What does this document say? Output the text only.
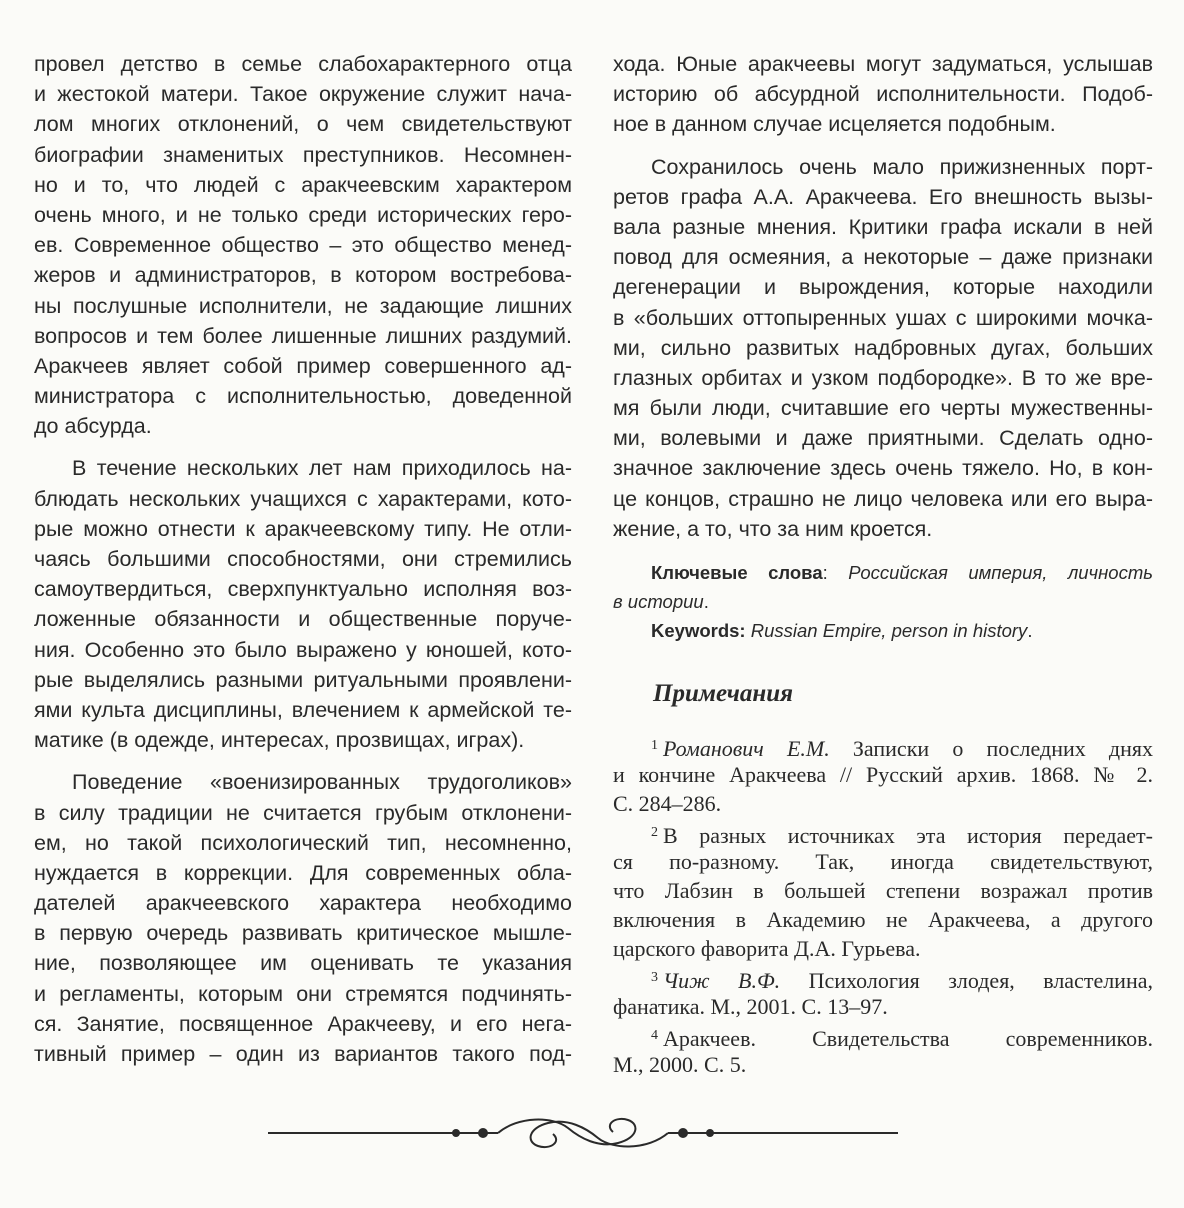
провел детство в семье слабохарактерного отца
и жестокой матери. Такое окружение служит нача-
лом многих отклонений, о чем свидетельствуют
биографии знаменитых преступников. Несомнен-
но и то, что людей с аракчеевским характером
очень много, и не только среди исторических геро-
ев. Современное общество – это общество менед-
жеров и администраторов, в котором востребова-
ны послушные исполнители, не задающие лишних
вопросов и тем более лишенные лишних раздумий.
Аракчеев являет собой пример совершенного ад-
министратора с исполнительностью, доведенной
до абсурда.
В течение нескольких лет нам приходилось на-
блюдать нескольких учащихся с характерами, кото-
рые можно отнести к аракчеевскому типу. Не отли-
чаясь большими способностями, они стремились
самоутвердиться, сверхпунктуально исполняя воз-
ложенные обязанности и общественные поруче-
ния. Особенно это было выражено у юношей, кото-
рые выделялись разными ритуальными проявлени-
ями культа дисциплины, влечением к армейской те-
матике (в одежде, интересах, прозвищах, играх).
Поведение «военизированных трудоголиков»
в силу традиции не считается грубым отклонени-
ем, но такой психологический тип, несомненно,
нуждается в коррекции. Для современных обла-
дателей аракчеевского характера необходимо
в первую очередь развивать критическое мышле-
ние, позволяющее им оценивать те указания
и регламенты, которым они стремятся подчинять-
ся. Занятие, посвященное Аракчееву, и его нега-
тивный пример – один из вариантов такого под-
хода. Юные аракчеевы могут задуматься, услышав
историю об абсурдной исполнительности. Подоб-
ное в данном случае исцеляется подобным.
Сохранилось очень мало прижизненных порт-
ретов графа А.А. Аракчеева. Его внешность вызы-
вала разные мнения. Критики графа искали в ней
повод для осмеяния, а некоторые – даже признаки
дегенерации и вырождения, которые находили
в «больших оттопыренных ушах с широкими мочка-
ми, сильно развитых надбровных дугах, больших
глазных орбитах и узком подбородке». В то же вре-
мя были люди, считавшие его черты мужественны-
ми, волевыми и даже приятными. Сделать одно-
значное заключение здесь очень тяжело. Но, в кон-
це концов, страшно не лицо человека или его выра-
жение, а то, что за ним кроется.
Ключевые слова: Российская империя, личность
в истории.
Keywords: Russian Empire, person in history.
Примечания
$^1$ Романович Е.М. Записки о последних днях
и кончине Аракчеева // Русский архив. 1868. № 2.
С. 284–286.
$^2$ В разных источниках эта история передает-
ся по-разному. Так, иногда свидетельствуют,
что Лабзин в большей степени возражал против
включения в Академию не Аракчеева, а другого
царского фаворита Д.А. Гурьева.
$^3$ Чиж В.Ф. Психология злодея, властелина,
фанатика. М., 2001. С. 13–97.
$^4$ Аракчеев. Свидетельства современников.
М., 2000. С. 5.
